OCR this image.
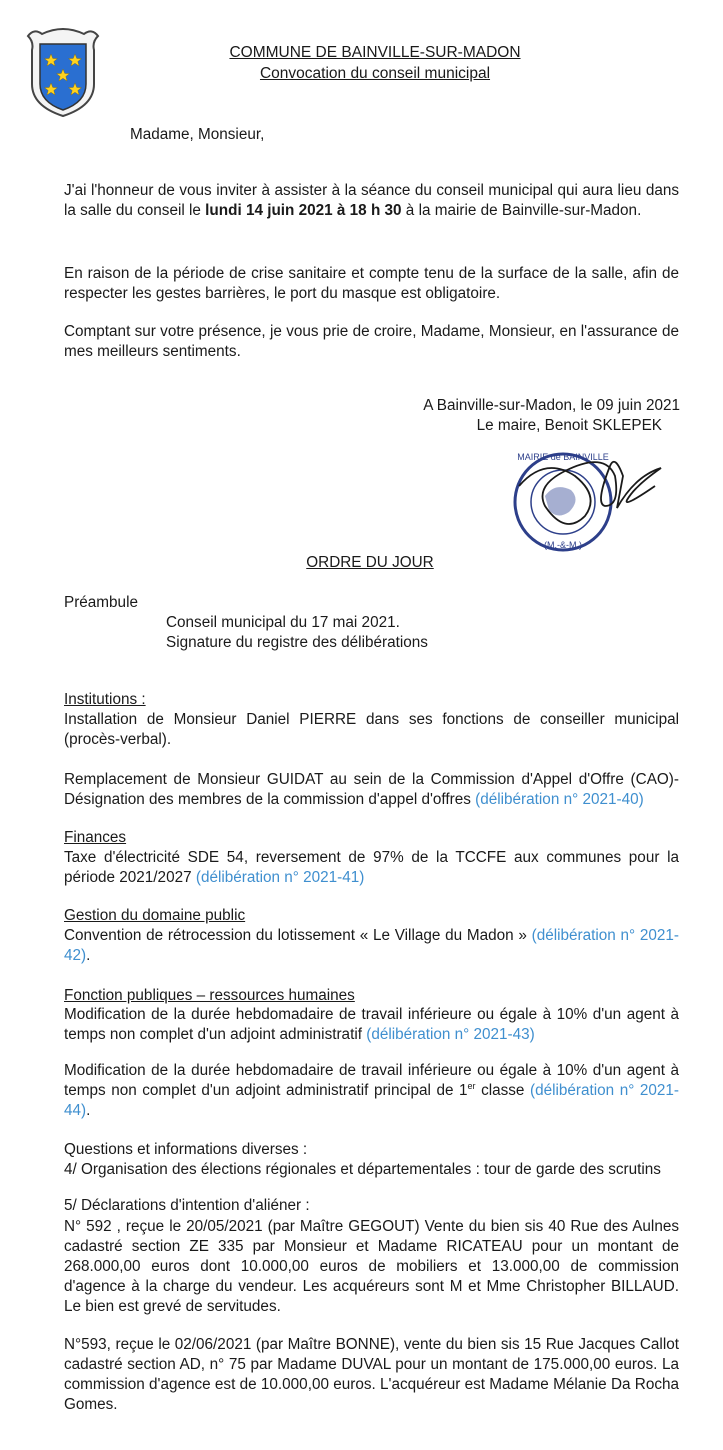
COMMUNE DE BAINVILLE-SUR-MADON
Convocation du conseil municipal
Madame, Monsieur,
J'ai l'honneur de vous inviter à assister à la séance du conseil municipal qui aura lieu dans la salle du conseil le lundi 14 juin 2021 à 18 h 30 à la mairie de Bainville-sur-Madon.
En raison de la période de crise sanitaire et compte tenu de la surface de la salle, afin de respecter les gestes barrières, le port du masque est obligatoire.
Comptant sur votre présence, je vous prie de croire, Madame, Monsieur, en l'assurance de mes meilleurs sentiments.
A Bainville-sur-Madon, le 09 juin 2021
Le maire, Benoit SKLEPEK
MAIRIE de BAINVILLE
(M.-&-M.)
ORDRE DU JOUR
Préambule
Conseil municipal du 17 mai 2021.
Signature du registre des délibérations
Institutions :
Installation de Monsieur Daniel PIERRE dans ses fonctions de conseiller municipal (procès-verbal).
Remplacement de Monsieur GUIDAT au sein de la Commission d'Appel d'Offre (CAO)- Désignation des membres de la commission d'appel d'offres (délibération n° 2021-40)
Finances
Taxe d'électricité SDE 54, reversement de 97% de la TCCFE aux communes pour la période 2021/2027 (délibération n° 2021-41)
Gestion du domaine public
Convention de rétrocession du lotissement « Le Village du Madon » (délibération n° 2021-42).
Fonction publiques – ressources humaines
Modification de la durée hebdomadaire de travail inférieure ou égale à 10% d'un agent à temps non complet d'un adjoint administratif (délibération n° 2021-43)
Modification de la durée hebdomadaire de travail inférieure ou égale à 10% d'un agent à temps non complet d'un adjoint administratif principal de 1er classe (délibération n° 2021-44).
Questions et informations diverses :
4/ Organisation des élections régionales et départementales : tour de garde des scrutins
5/ Déclarations d'intention d'aliéner :
N° 592 , reçue le 20/05/2021 (par Maître GEGOUT) Vente du bien sis 40 Rue des Aulnes cadastré section ZE 335 par Monsieur et Madame RICATEAU pour un montant de 268.000,00 euros dont 10.000,00 euros de mobiliers et 13.000,00 de commission d'agence à la charge du vendeur. Les acquéreurs sont M et Mme Christopher BILLAUD. Le bien est grevé de servitudes.
N°593, reçue le 02/06/2021 (par Maître BONNE), vente du bien sis 15 Rue Jacques Callot cadastré section AD, n° 75 par Madame DUVAL pour un montant de 175.000,00 euros. La commission d'agence est de 10.000,00 euros. L'acquéreur est Madame Mélanie Da Rocha Gomes.
